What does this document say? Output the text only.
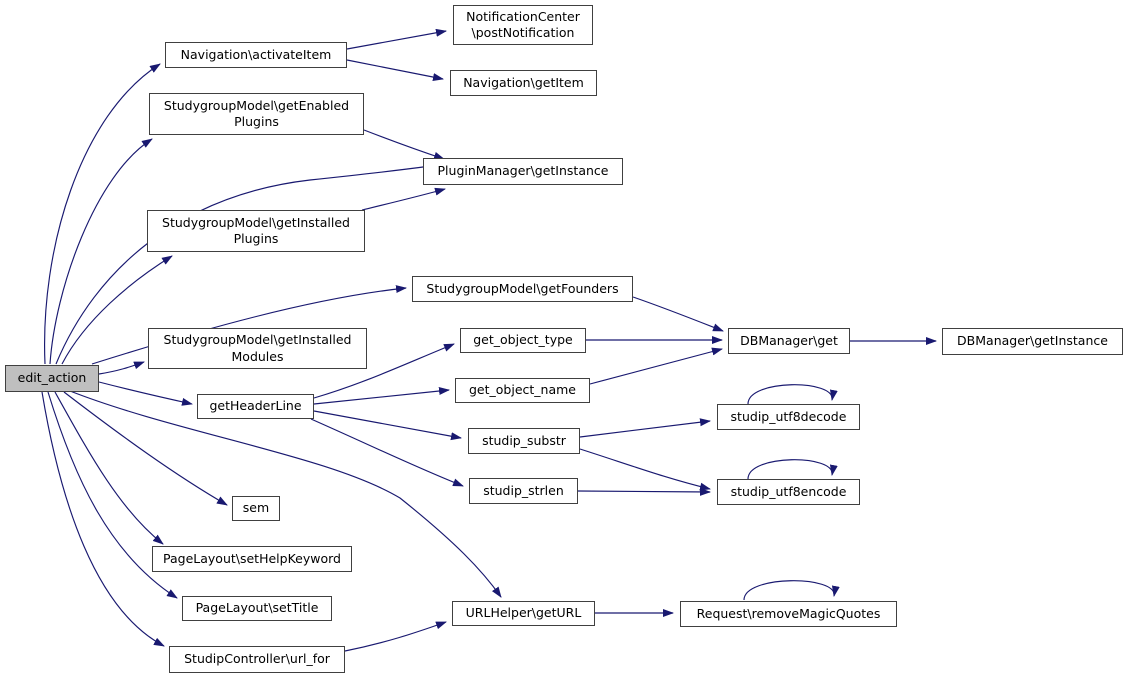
edit_action
Navigation\activateItem
NotificationCenter
\postNotification
Navigation\getItem
StudygroupModel\getEnabled
Plugins
PluginManager\getInstance
StudygroupModel\getInstalled
Plugins
StudygroupModel\getFounders
StudygroupModel\getInstalled
Modules
get_object_type
get_object_name
getHeaderLine
studip_substr
studip_strlen
sem
PageLayout\setHelpKeyword
PageLayout\setTitle
StudipController\url_for
URLHelper\getURL	Request\removeMagicQuotes
DBManager\get	DBManager\getInstance
studip_utf8decode
studip_utf8encode
